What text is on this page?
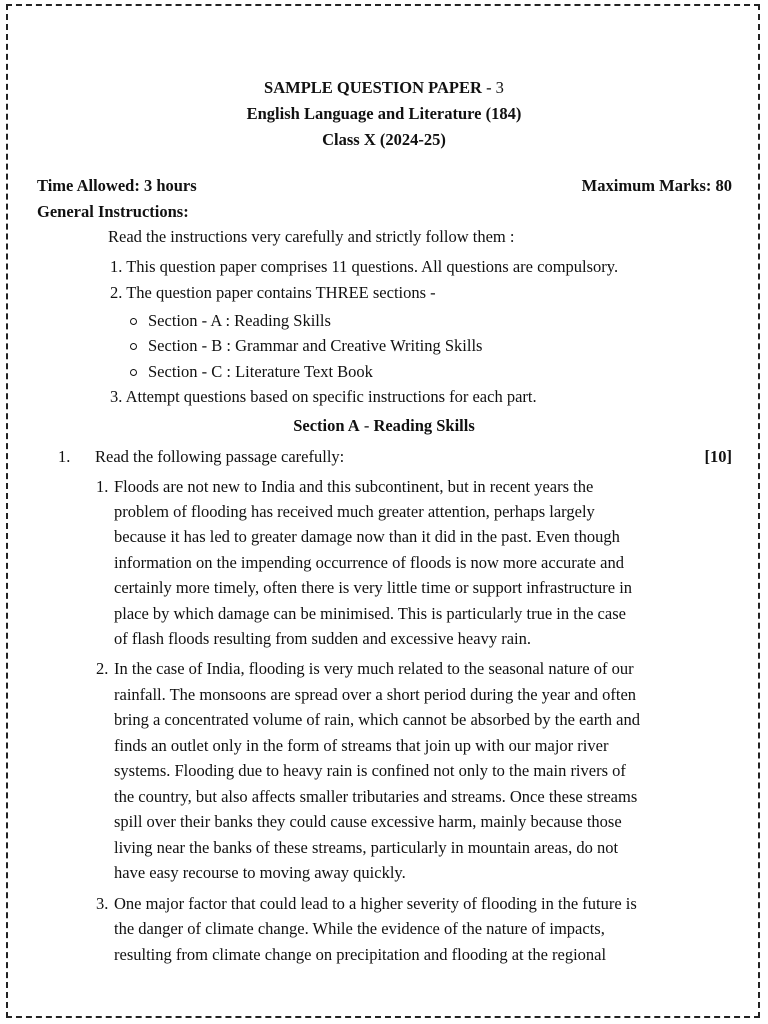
SAMPLE QUESTION PAPER - 3
English Language and Literature (184)
Class X (2024-25)
Time Allowed: 3 hours	Maximum Marks: 80
General Instructions:
Read the instructions very carefully and strictly follow them :
1. This question paper comprises 11 questions. All questions are compulsory.
2. The question paper contains THREE sections -
Section - A : Reading Skills
Section - B : Grammar and Creative Writing Skills
Section - C : Literature Text Book
3. Attempt questions based on specific instructions for each part.
Section A - Reading Skills
1. Read the following passage carefully:	[10]
1. Floods are not new to India and this subcontinent, but in recent years the
problem of flooding has received much greater attention, perhaps largely
because it has led to greater damage now than it did in the past. Even though
information on the impending occurrence of floods is now more accurate and
certainly more timely, often there is very little time or support infrastructure in
place by which damage can be minimised. This is particularly true in the case
of flash floods resulting from sudden and excessive heavy rain.
2. In the case of India, flooding is very much related to the seasonal nature of our
rainfall. The monsoons are spread over a short period during the year and often
bring a concentrated volume of rain, which cannot be absorbed by the earth and
finds an outlet only in the form of streams that join up with our major river
systems. Flooding due to heavy rain is confined not only to the main rivers of
the country, but also affects smaller tributaries and streams. Once these streams
spill over their banks they could cause excessive harm, mainly because those
living near the banks of these streams, particularly in mountain areas, do not
have easy recourse to moving away quickly.
3. One major factor that could lead to a higher severity of flooding in the future is
the danger of climate change. While the evidence of the nature of impacts,
resulting from climate change on precipitation and flooding at the regional
